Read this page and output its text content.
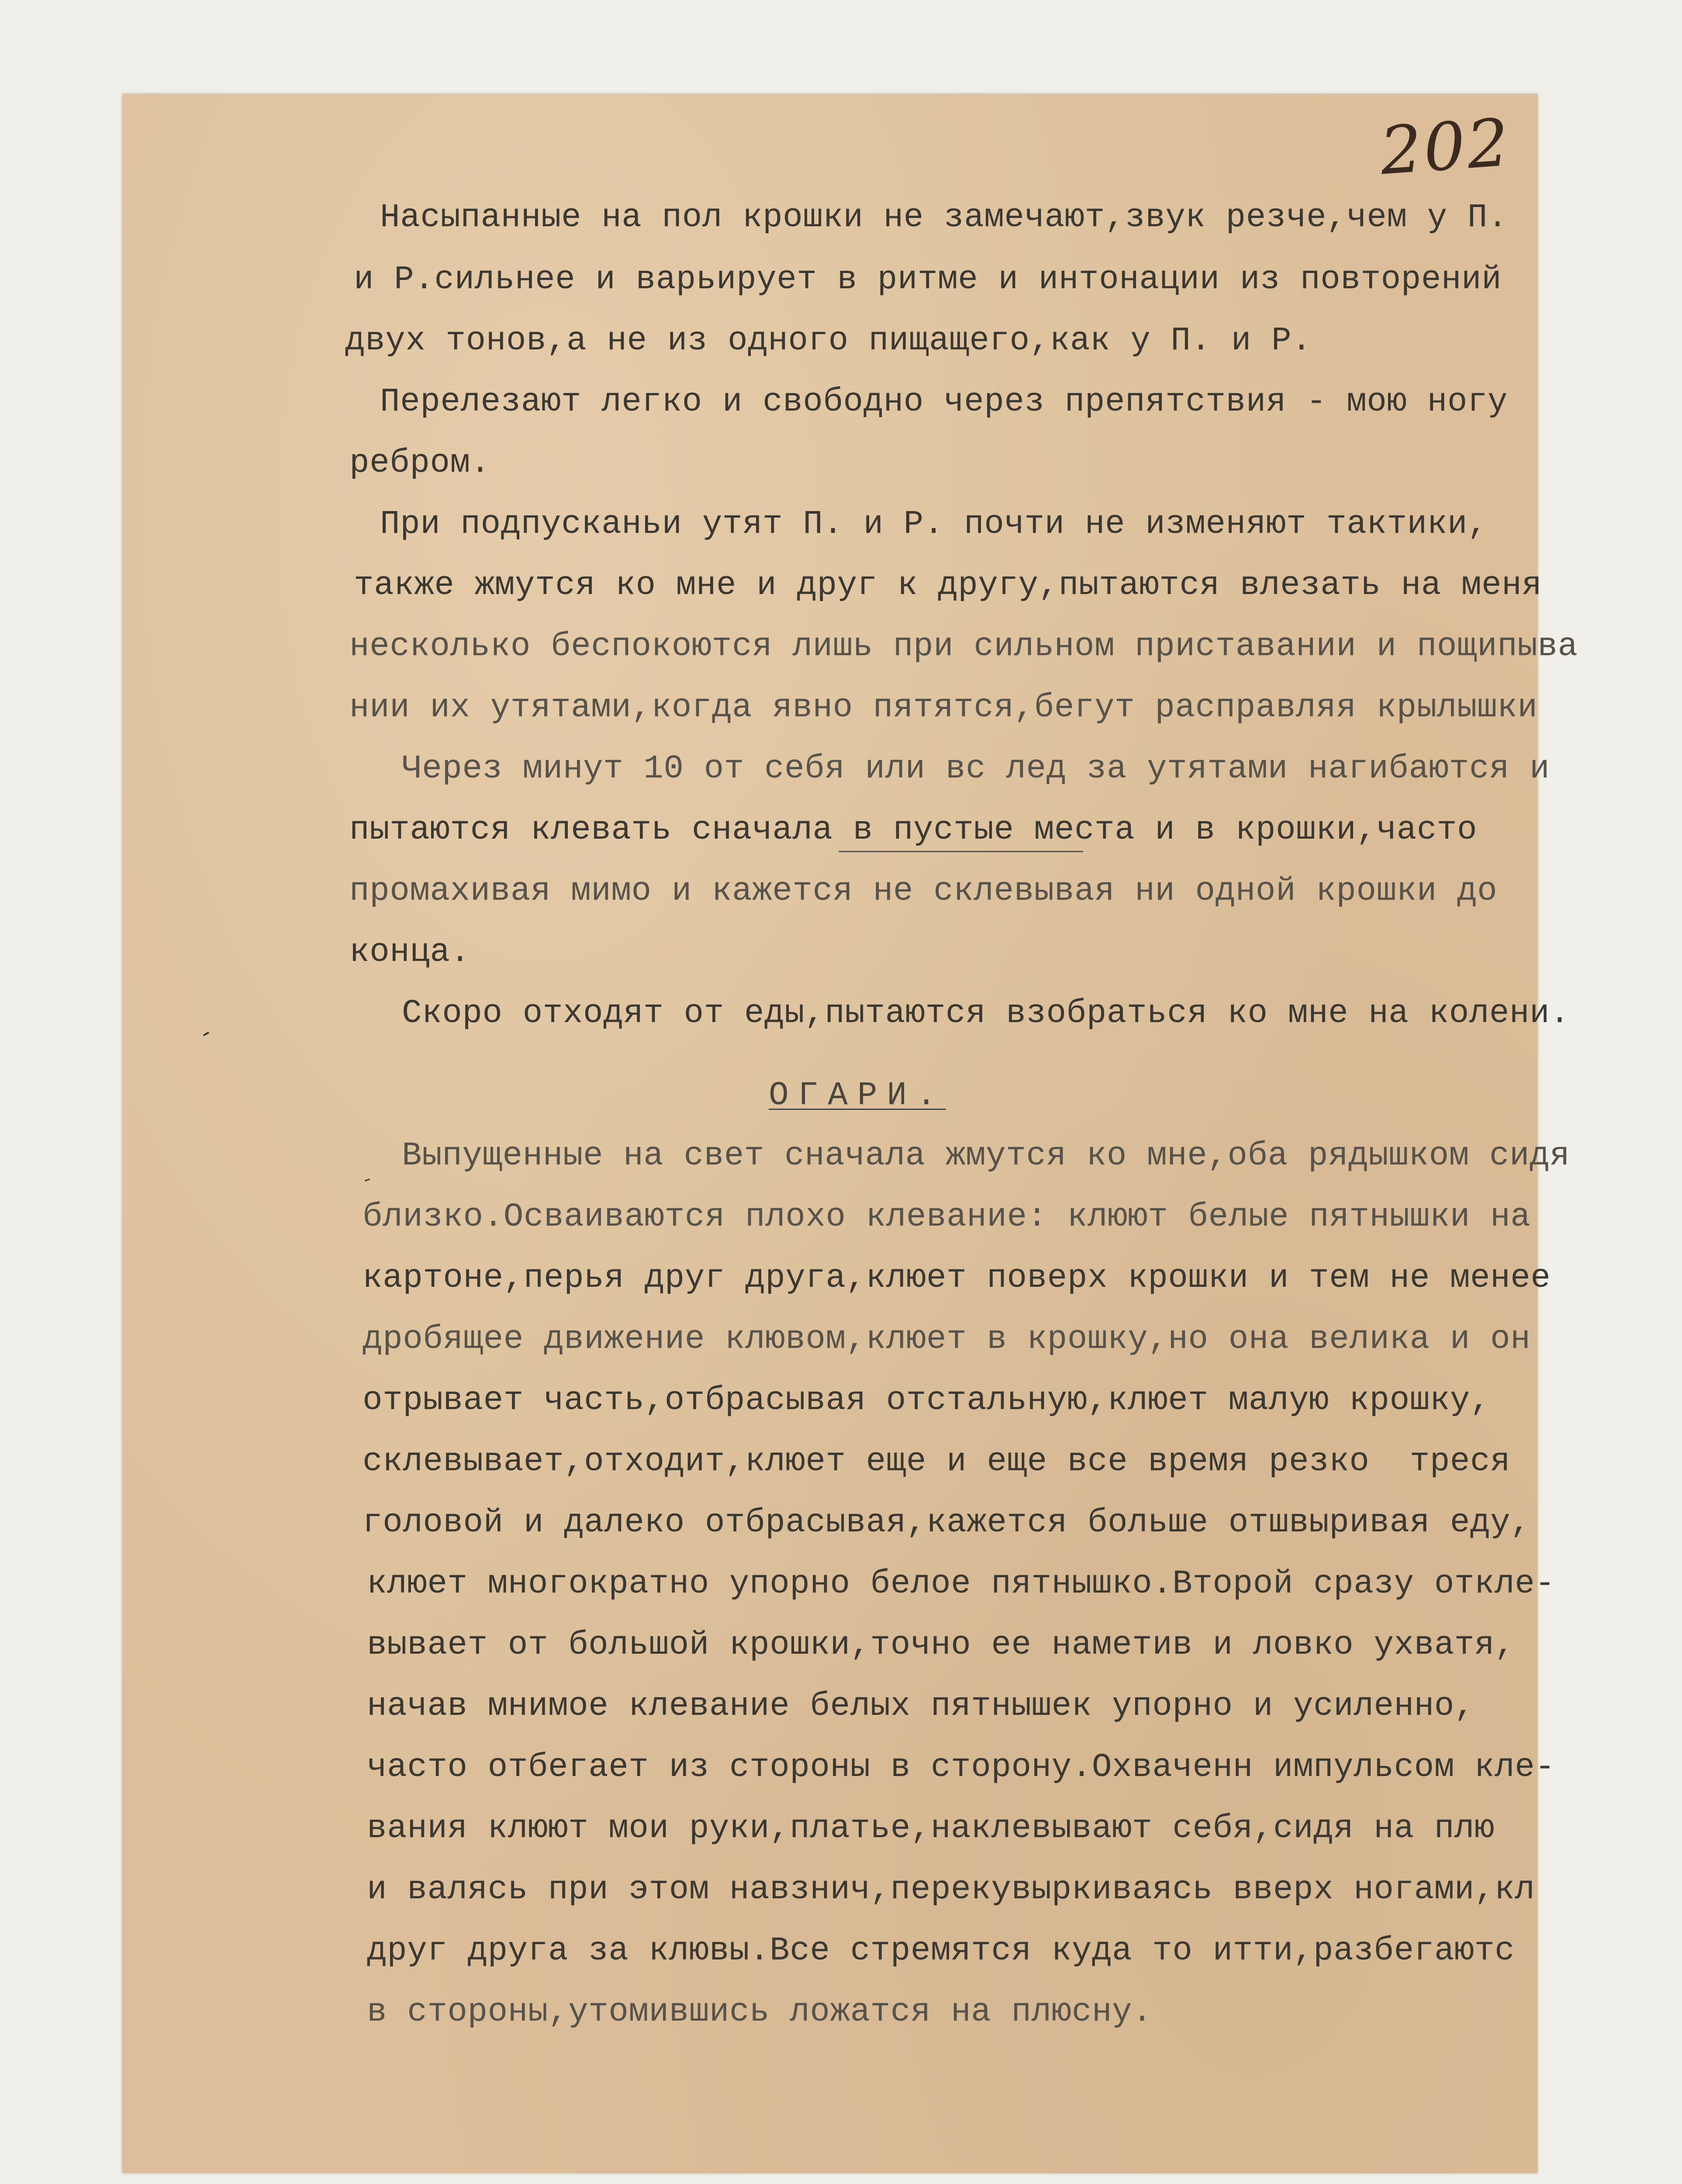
202

Насыпанные на пол крошки не замечают,звук резче,чем у П.

и Р.сильнее и варьирует в ритме и интонации из повторений

двух тонов,а не из одного пищащего,как у П. и Р.

Перелезают легко и свободно через препятствия - мою ногу

ребром.

При подпусканьи утят П. и Р. почти не изменяют тактики,

также жмутся ко мне и друг к другу,пытаются влезать на меня

несколько беспокоются лишь при сильном приставании и пощипыва

нии их утятами,когда явно пятятся,бегут расправляя крылышки

Через минут 10 от себя или вс лед за утятами нагибаются и

пытаются клевать сначала в пустые места и в крошки,часто

промахивая мимо и кажется не склевывая ни одной крошки до

конца.

Скоро отходят от еды,пытаются взобраться ко мне на колени.

ОГАРИ.

Выпущенные на свет сначала жмутся ко мне,оба рядышком сидя

близко.Осваиваются плохо клевание: клюют белые пятнышки на

картоне,перья друг друга,клюет поверх крошки и тем не менее

дробящее движение клювом,клюет в крошку,но она велика и он

отрывает часть,отбрасывая отстальную,клюет малую крошку,

склевывает,отходит,клюет еще и еще все время резко  треся

головой и далеко отбрасывая,кажется больше отшвыривая еду,

клюет многократно упорно белое пятнышко.Второй сразу откле-

вывает от большой крошки,точно ее наметив и ловко ухватя,

начав мнимое клевание белых пятнышек упорно и усиленно,

часто отбегает из стороны в сторону.Охваченн импульсом кле-

вания клюют мои руки,платье,наклевывают себя,сидя на плю

и валясь при этом навзнич,перекувыркиваясь вверх ногами,кл

друг друга за клювы.Все стремятся куда то итти,разбегаютс

в стороны,утомившись ложатся на плюсну.
